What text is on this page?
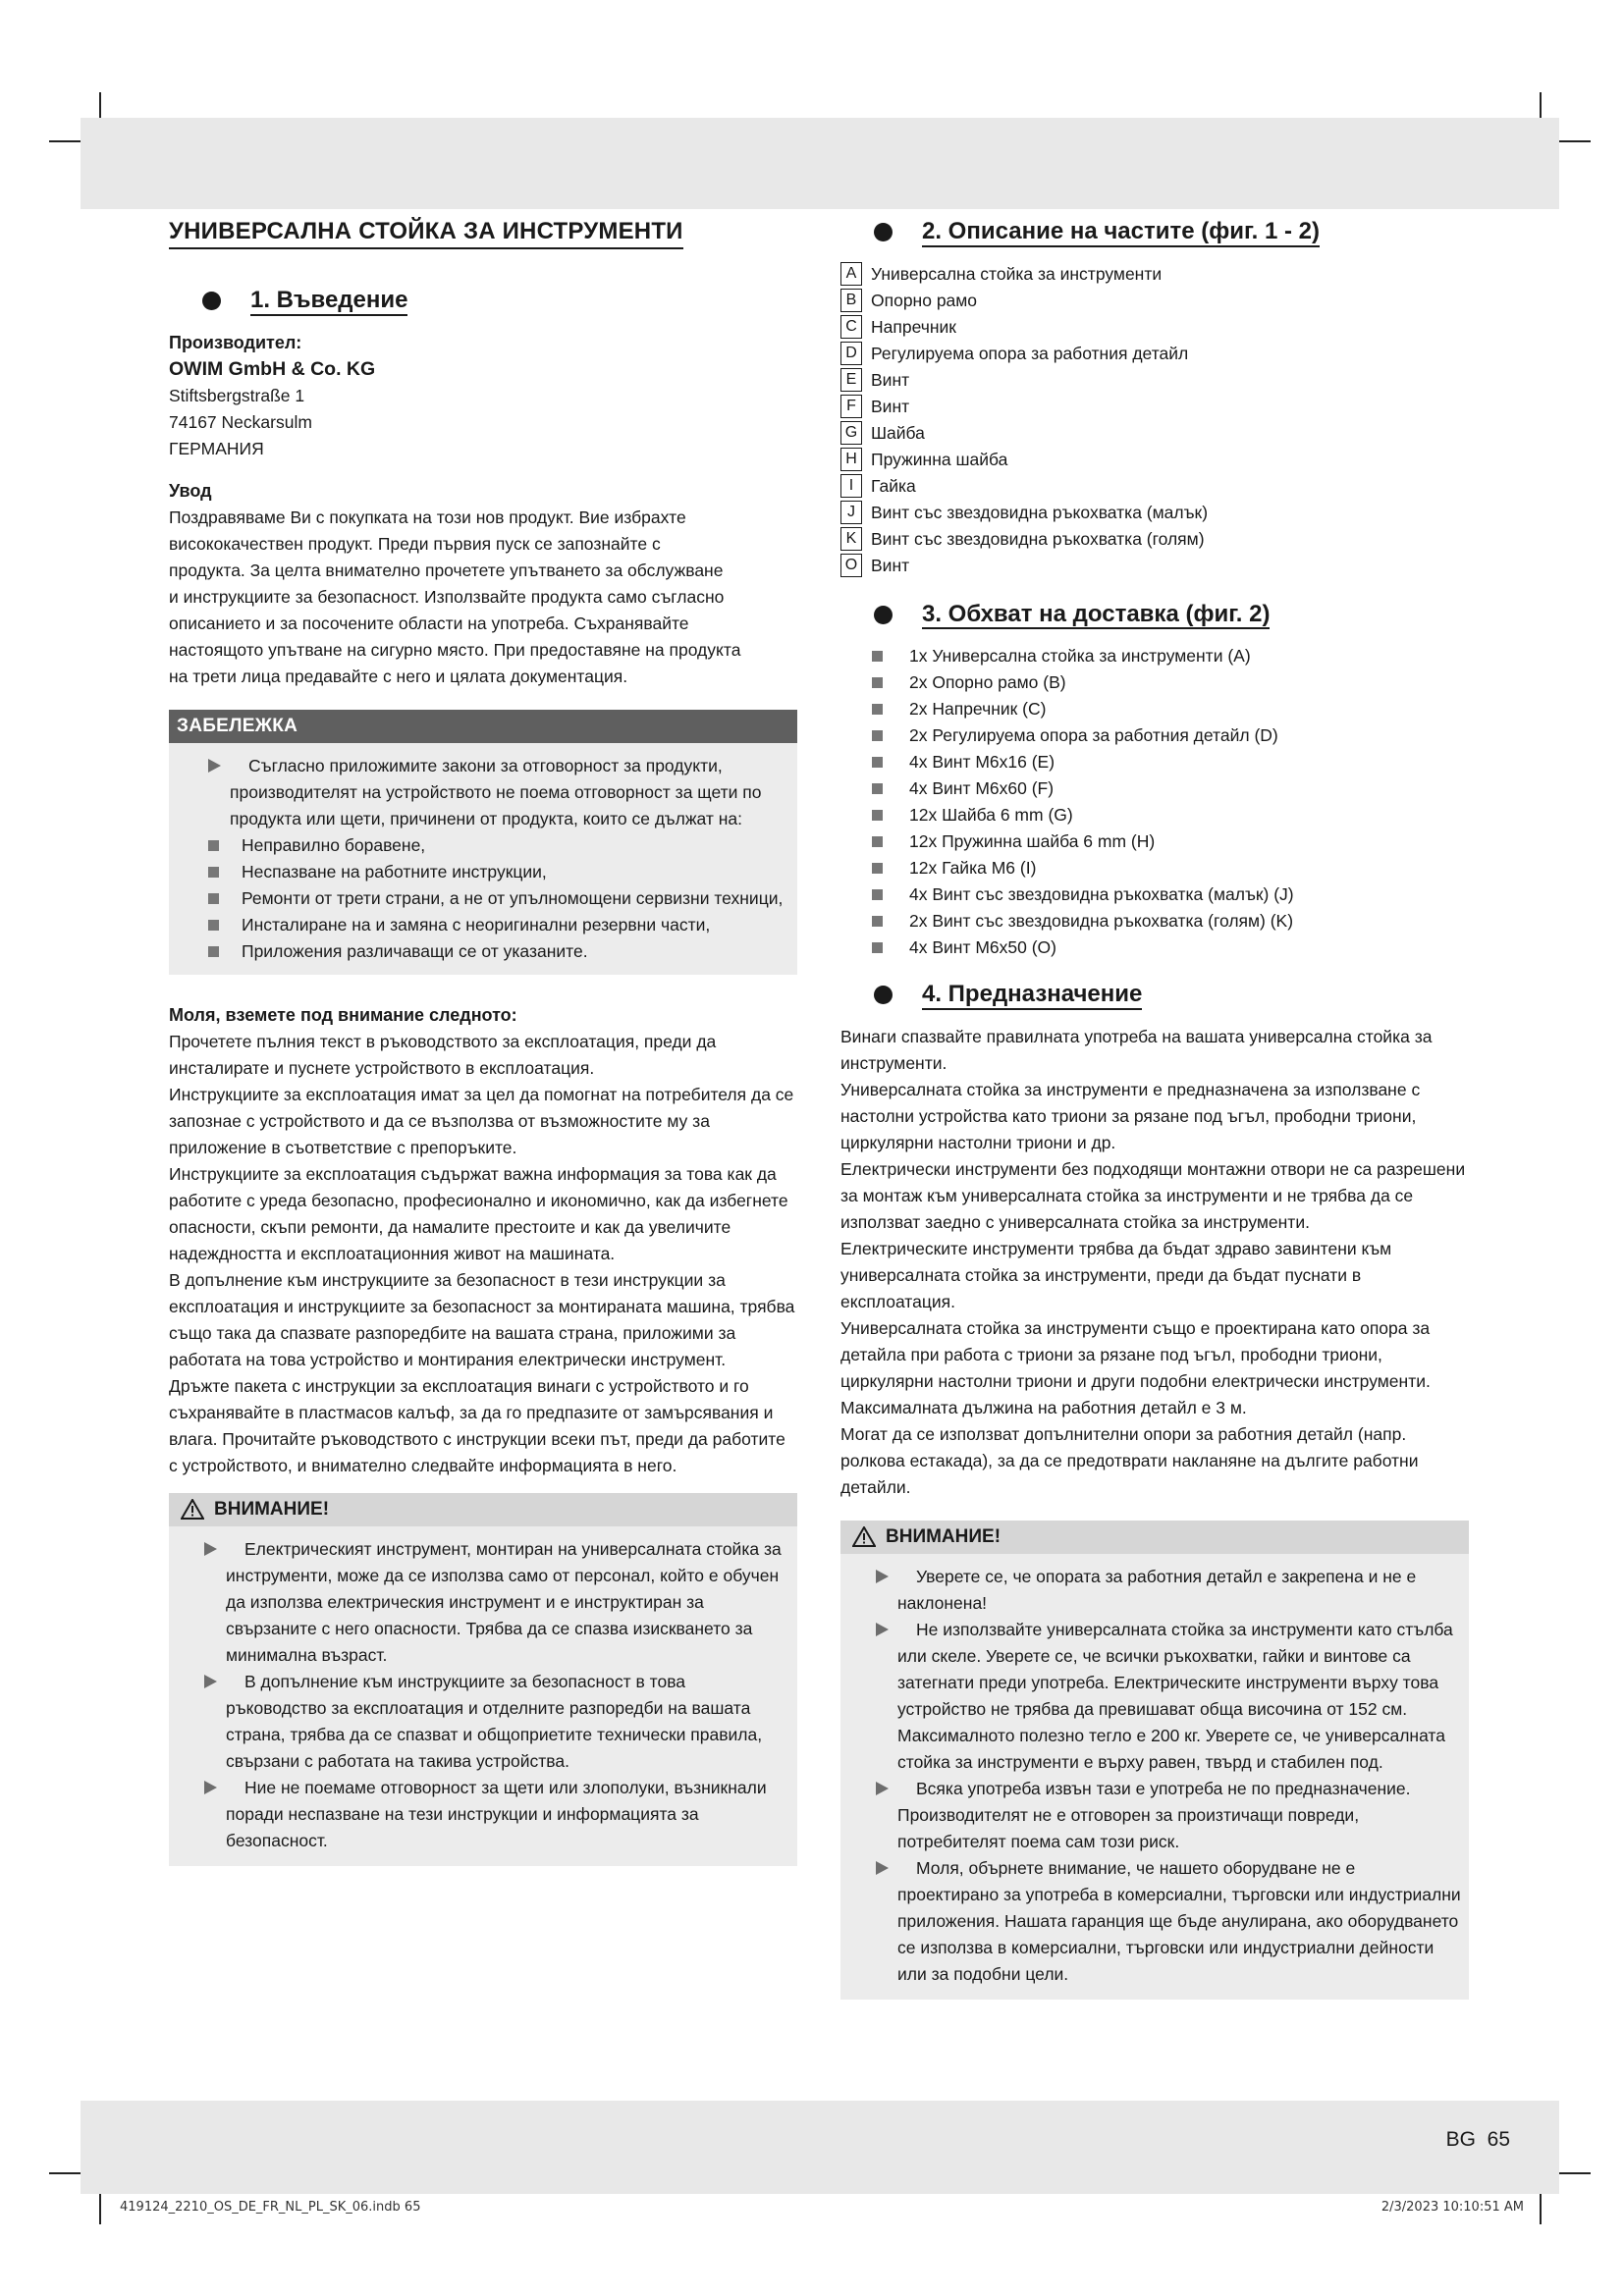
BG 65
419124_2210_OS_DE_FR_NL_PL_SK_06.indb 65	2/3/2023 10:10:51 AM
УНИВЕРСАЛНА СТОЙКА ЗА ИНСТРУМЕНТИ
1. Въведение
Производител:
OWIM GmbH & Co. KG

Stiftsbergstraße 1

74167 Neckarsulm

ГЕРМАНИЯ

Увод

Поздравяваме Ви с покупката на този нов продукт. Вие избрахте

висококачествен продукт. Преди първия пуск се запознайте с

продукта. За целта внимателно прочетете упътването за обслужване

и инструкциите за безопасност. Използвайте продукта само съгласно

описанието и за посочените области на употреба. Съхранявайте

настоящото упътване на сигурно място. При предоставяне на продукта

на трети лица предавайте с него и цялата документация.

ЗАБЕЛЕЖКА

Съгласно приложимите закони за отговорност за продукти, производителят на устройството не поема отговорност за щети по продукта или щети, причинени от продукта, които се дължат на:

Неправилно боравене,

Неспазване на работните инструкции,

Ремонти от трети страни, а не от упълномощени сервизни техници,

Инсталиране на и замяна с неоригинални резервни части,

Приложения различаващи се от указаните.

Моля, вземете под внимание следното:

Прочетете пълния текст в ръководството за експлоатация, преди да инсталирате и пуснете устройството в експлоатация.

Инструкциите за експлоатация имат за цел да помогнат на потребителя да се запознае с устройството и да се възползва от възможностите му за приложение в съответствие с препоръките.

Инструкциите за експлоатация съдържат важна информация за това как да работите с уреда безопасно, професионално и икономично, как да избегнете опасности, скъпи ремонти, да намалите престоите и как да увеличите надеждността и експлоатационния живот на машината.

В допълнение към инструкциите за безопасност в тези инструкции за експлоатация и инструкциите за безопасност за монтираната машина, трябва също така да спазвате разпоредбите на вашата страна, приложими за работата на това устройство и монтирания електрически инструмент.

Дръжте пакета с инструкции за експлоатация винаги с устройството и го съхранявайте в пластмасов калъф, за да го предпазите от замърсявания и влага. Прочитайте ръководството с инструкции всеки път, преди да работите с устройството, и внимателно следвайте информацията в него.

ВНИМАНИЕ!

Електрическият инструмент, монтиран на универсалната стойка за инструменти, може да се използва само от персонал, който е обучен да използва електрическия инструмент и е инструктиран за свързаните с него опасности. Трябва да се спазва изискването за минимална възраст.

В допълнение към инструкциите за безопасност в това ръководство за експлоатация и отделните разпоредби на вашата страна, трябва да се спазват и общоприетите технически правила, свързани с работата на такива устройства.

Ние не поемаме отговорност за щети или злополуки, възникнали поради неспазване на тези инструкции и информацията за безопасност.

2. Описание на частите (фиг. 1 - 2)
A Универсална стойка за инструменти
B Опорно рамо
C Напречник
D Регулируема опора за работния детайл
E Винт
F Винт
G Шайба
H Пружинна шайба
I	Гайка
J Винт със звездовидна ръкохватка (малък)
K Винт със звездовидна ръкохватка (голям)
O Винт
3. Обхват на доставка (фиг. 2)
1x Универсална стойка за инструменти (A)
2x Опорно рамо (B)
2x Напречник (C)
2x Регулируема опора за работния детайл (D)
4x Винт M6x16 (E)
4x Винт M6x60 (F)
12x Шайба 6 mm (G)
12x Пружинна шайба 6 mm (H)
12x Гайка M6 (I)
4x Винт със звездовидна ръкохватка (малък) (J)
2x Винт със звездовидна ръкохватка (голям) (K)
4x Винт M6x50 (O)
4. Предназначение

Винаги спазвайте правилната употреба на вашата универсална стойка за инструменти.

Универсалната стойка за инструменти е предназначена за използване с настолни устройства като триони за рязане под ъгъл, прободни триони, циркулярни настолни триони и др.

Електрически инструменти без подходящи монтажни отвори не са разрешени за монтаж към универсалната стойка за инструменти и не трябва да се използват заедно с универсалната стойка за инструменти.

Електрическите инструменти трябва да бъдат здраво завинтени към универсалната стойка за инструменти, преди да бъдат пуснати в експлоатация.

Универсалната стойка за инструменти също е проектирана като опора за детайла при работа с триони за рязане под ъгъл, прободни триони, циркулярни настолни триони и други подобни електрически инструменти.

Максималната дължина на работния детайл е 3 м.

Могат да се използват допълнителни опори за работния детайл (напр. ролкова естакада), за да се предотврати накланяне на дългите работни детайли.

ВНИМАНИЕ!

Уверете се, че опората за работния детайл е закрепена и не е наклонена!

Не използвайте универсалната стойка за инструменти като стълба или скеле. Уверете се, че всички ръкохватки, гайки и винтове са затегнати преди употреба. Електрическите инструменти върху това устройство не трябва да превишават обща височина от 152 см. Максималното полезно тегло е 200 кг. Уверете се, че универсалната стойка за инструменти е върху равен, твърд и стабилен под.

Всяка употреба извън тази е употреба не по предназначение. Производителят не е отговорен за произтичащи повреди, потребителят поема сам този риск.

Моля, обърнете внимание, че нашето оборудване не е проектирано за употреба в комерсиални, търговски или индустриални приложения. Нашата гаранция ще бъде анулирана, ако оборудването се използва в комерсиални, търговски или индустриални дейности или за подобни цели.
